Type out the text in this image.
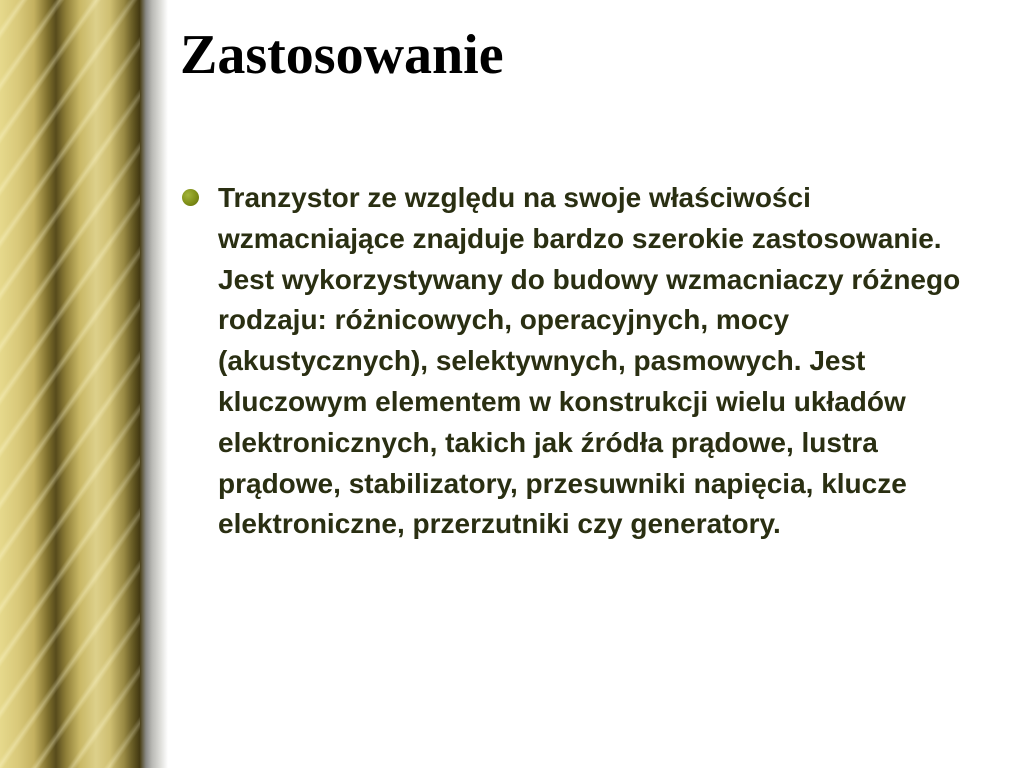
Zastosowanie

Tranzystor ze względu na swoje właściwości wzmacniające znajduje bardzo szerokie zastosowanie. Jest wykorzystywany do budowy wzmacniaczy różnego rodzaju: różnicowych, operacyjnych, mocy (akustycznych), selektywnych, pasmowych. Jest kluczowym elementem w konstrukcji wielu układów elektronicznych, takich jak źródła prądowe, lustra prądowe, stabilizatory, przesuwniki napięcia, klucze elektroniczne, przerzutniki czy generatory.
